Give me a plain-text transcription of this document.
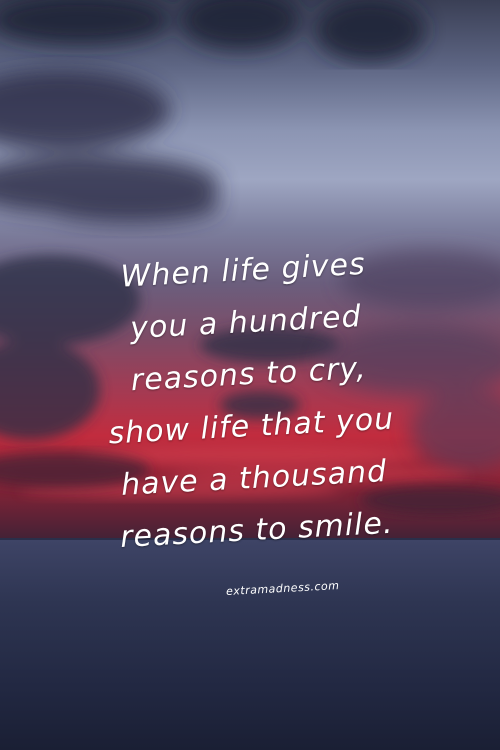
When life gives
you a hundred
reasons to cry,
show life that you
have a thousand
reasons to smile.
extramadness.com
